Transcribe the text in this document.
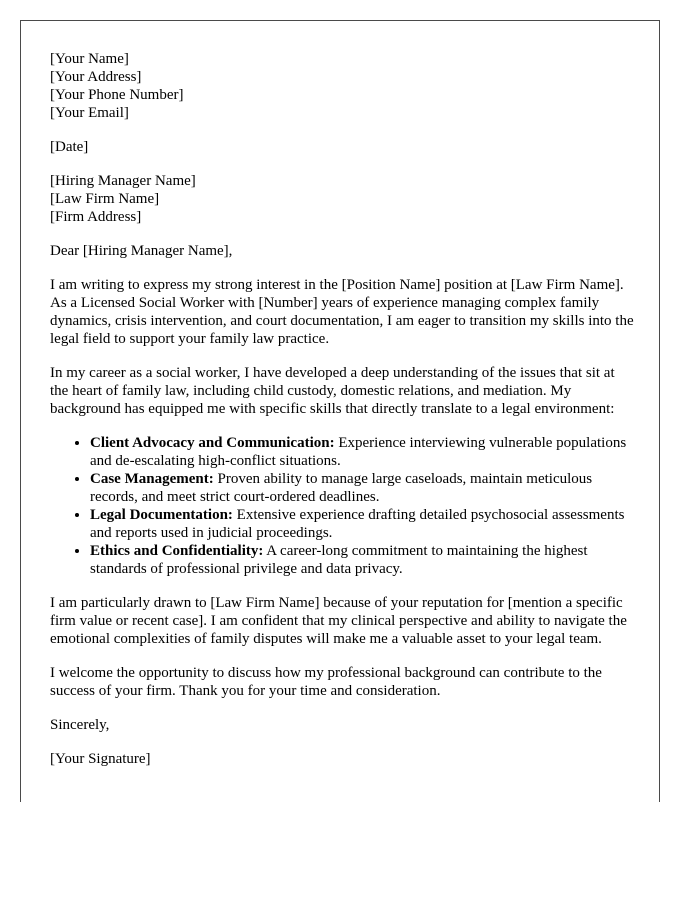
[Your Name]
[Your Address]
[Your Phone Number]
[Your Email]
[Date]
[Hiring Manager Name]
[Law Firm Name]
[Firm Address]

Dear [Hiring Manager Name],

I am writing to express my strong interest in the [Position Name] position at [Law Firm Name]. As a Licensed Social Worker with [Number] years of experience managing complex family dynamics, crisis intervention, and court documentation, I am eager to transition my skills into the legal field to support your family law practice.

In my career as a social worker, I have developed a deep understanding of the issues that sit at the heart of family law, including child custody, domestic relations, and mediation. My background has equipped me with specific skills that directly translate to a legal environment:

• Client Advocacy and Communication: Experience interviewing vulnerable populations and de-escalating high-conflict situations.
• Case Management: Proven ability to manage large caseloads, maintain meticulous records, and meet strict court-ordered deadlines.
• Legal Documentation: Extensive experience drafting detailed psychosocial assessments and reports used in judicial proceedings.
• Ethics and Confidentiality: A career-long commitment to maintaining the highest standards of professional privilege and data privacy.

I am particularly drawn to [Law Firm Name] because of your reputation for [mention a specific firm value or recent case]. I am confident that my clinical perspective and ability to navigate the emotional complexities of family disputes will make me a valuable asset to your legal team.

I welcome the opportunity to discuss how my professional background can contribute to the success of your firm. Thank you for your time and consideration.

Sincerely,

[Your Signature]
